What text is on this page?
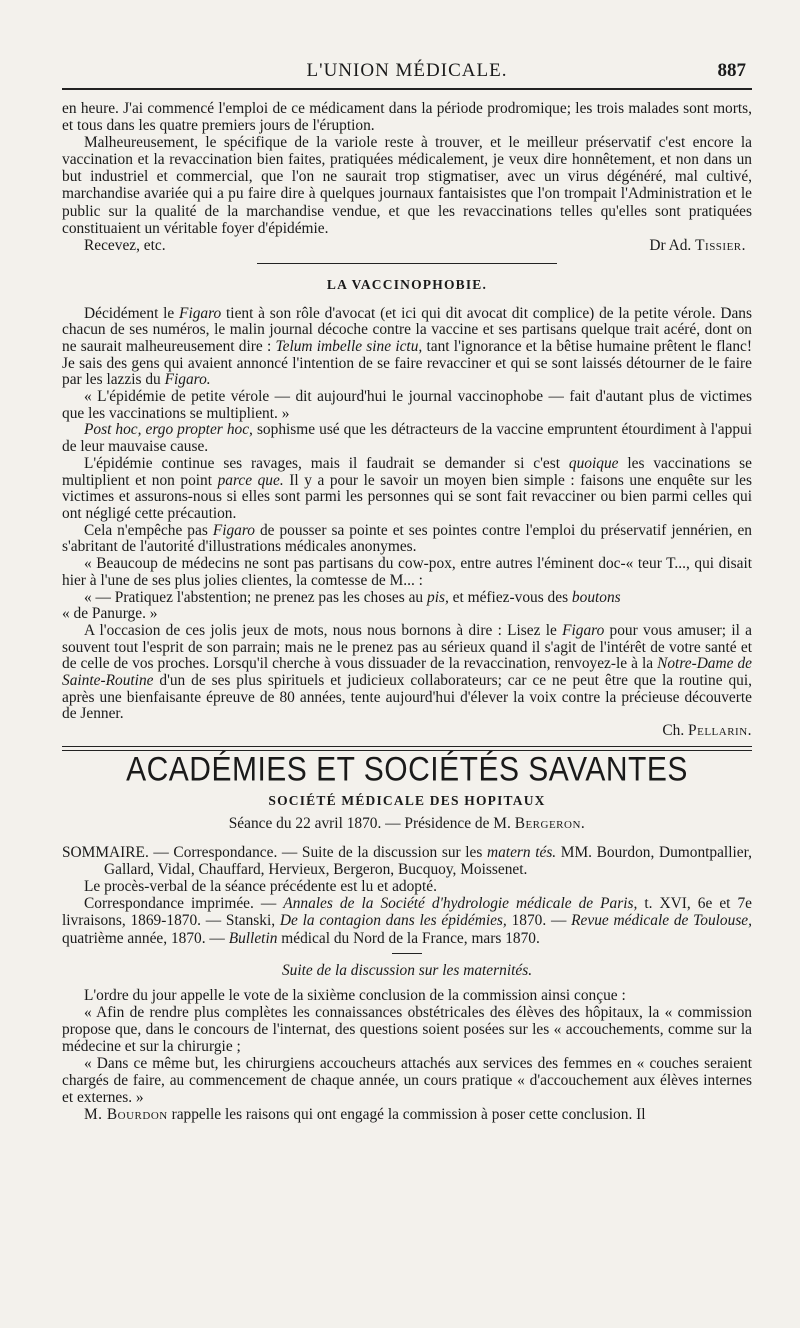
L'UNION MÉDICALE.	887

en heure. J'ai commencé l'emploi de ce médicament dans la période prodromique; les trois malades sont morts, et tous dans les quatre premiers jours de l'éruption.

Malheureusement, le spécifique de la variole reste à trouver, et le meilleur préservatif c'est encore la vaccination et la revaccination bien faites, pratiquées médicalement, je veux dire honnêtement, et non dans un but industriel et commercial, que l'on ne saurait trop stigmatiser, avec un virus dégénéré, mal cultivé, marchandise avariée qui a pu faire dire à quelques journaux fantaisistes que l'on trompait l'Administration et le public sur la qualité de la marchandise vendue, et que les revaccinations telles qu'elles sont pratiquées constituaient un véritable foyer d'épidémie.

Recevez, etc.	Dr Ad. Tissier.
LA VACCINOPHOBIE.

Décidément le Figaro tient à son rôle d'avocat (et ici qui dit avocat dit complice) de la petite vérole. Dans chacun de ses numéros, le malin journal décoche contre la vaccine et ses partisans quelque trait acéré, dont on ne saurait malheureusement dire : Telum imbelle sine ictu, tant l'ignorance et la bêtise humaine prêtent le flanc! Je sais des gens qui avaient annoncé l'intention de se faire revacciner et qui se sont laissés détourner de le faire par les lazzis du Figaro.

« L'épidémie de petite vérole — dit aujourd'hui le journal vaccinophobe — fait d'autant plus de victimes que les vaccinations se multiplient. »

Post hoc, ergo propter hoc, sophisme usé que les détracteurs de la vaccine empruntent étourdiment à l'appui de leur mauvaise cause.

L'épidémie continue ses ravages, mais il faudrait se demander si c'est quoique les vaccinations se multiplient et non point parce que. Il y a pour le savoir un moyen bien simple : faisons une enquête sur les victimes et assurons-nous si elles sont parmi les personnes qui se sont fait revacciner ou bien parmi celles qui ont négligé cette précaution.

Cela n'empêche pas Figaro de pousser sa pointe et ses pointes contre l'emploi du préservatif jennérien, en s'abritant de l'autorité d'illustrations médicales anonymes.

« Beaucoup de médecins ne sont pas partisans du cow-pox, entre autres l'éminent doc-« teur T..., qui disait hier à l'une de ses plus jolies clientes, la comtesse de M... :

« — Pratiquez l'abstention; ne prenez pas les choses au pis, et méfiez-vous des boutons
« de Panurge. »

A l'occasion de ces jolis jeux de mots, nous nous bornons à dire : Lisez le Figaro pour vous amuser; il a souvent tout l'esprit de son parrain; mais ne le prenez pas au sérieux quand il s'agit de l'intérêt de votre santé et de celle de vos proches. Lorsqu'il cherche à vous dissuader de la revaccination, renvoyez-le à la Notre-Dame de Sainte-Routine d'un de ses plus spirituels et judicieux collaborateurs; car ce ne peut être que la routine qui, après une bienfaisante épreuve de 80 années, tente aujourd'hui d'élever la voix contre la précieuse découverte de Jenner.

Ch. Pellarin.

ACADÉMIES ET SOCIÉTÉS SAVANTES
SOCIÉTÉ MÉDICALE DES HOPITAUX
Séance du 22 avril 1870. — Présidence de M. Bergeron.

SOMMAIRE. — Correspondance. — Suite de la discussion sur les matern tés. MM. Bourdon, Dumontpallier, Gallard, Vidal, Chauffard, Hervieux, Bergeron, Bucquoy, Moissenet.

Le procès-verbal de la séance précédente est lu et adopté.

Correspondance imprimée. — Annales de la Société d'hydrologie médicale de Paris, t. XVI, 6e et 7e livraisons, 1869-1870. — Stanski, De la contagion dans les épidémies, 1870. — Revue médicale de Toulouse, quatrième année, 1870. — Bulletin médical du Nord de la France, mars 1870.

Suite de la discussion sur les maternités.

L'ordre du jour appelle le vote de la sixième conclusion de la commission ainsi conçue :

« Afin de rendre plus complètes les connaissances obstétricales des élèves des hôpitaux, la « commission propose que, dans le concours de l'internat, des questions soient posées sur les « accouchements, comme sur la médecine et sur la chirurgie ;

« Dans ce même but, les chirurgiens accoucheurs attachés aux services des femmes en « couches seraient chargés de faire, au commencement de chaque année, un cours pratique « d'accouchement aux élèves internes et externes. »

M. Bourdon rappelle les raisons qui ont engagé la commission à poser cette conclusion. Il
